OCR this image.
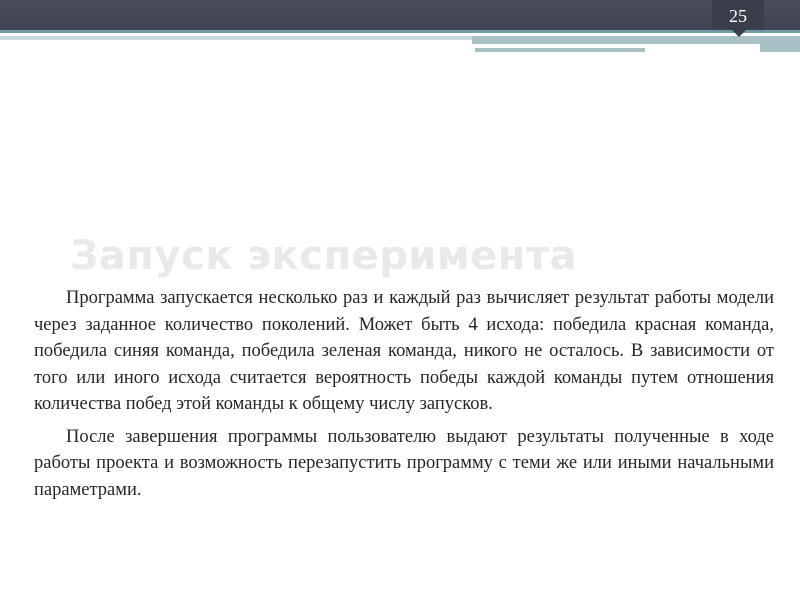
25
Запуск эксперимента

Программа запускается несколько раз и каждый раз вычисляет результат работы модели через заданное количество поколений. Может быть 4 исхода: победила красная команда, победила синяя команда, победила зеленая команда, никого не осталось. В зависимости от того или иного исхода считается вероятность победы каждой команды путем отношения количества побед этой команды к общему числу запусков.

После завершения программы пользователю выдают результаты полученные в ходе работы проекта и возможность перезапустить программу с теми же или иными начальными параметрами.
